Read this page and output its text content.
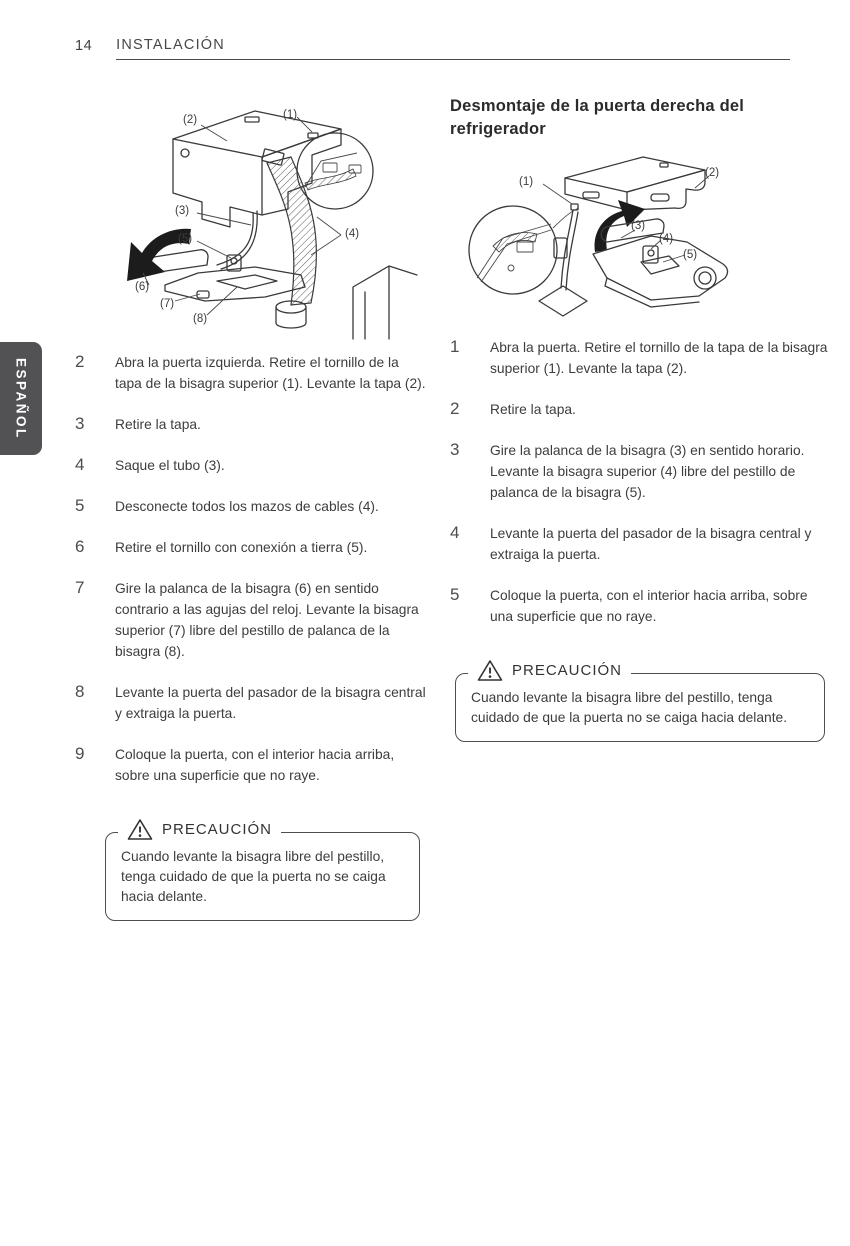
14	INSTALACIÓN
ESPAÑOL
(1)
(2)
(3)
(4)
(5)
(6)
(7)
(8)
2	Abra la puerta izquierda. Retire el tornillo de la tapa de la bisagra superior (1). Levante la tapa (2).

3	Retire la tapa.

4	Saque el tubo (3).

5	Desconecte todos los mazos de cables (4).

6	Retire el tornillo con conexión a tierra (5).

7	Gire la palanca de la bisagra (6) en sentido contrario a las agujas del reloj. Levante la bisagra superior (7) libre del pestillo de palanca de la bisagra (8).

8	Levante la puerta del pasador de la bisagra central y extraiga la puerta.

9	Coloque la puerta, con el interior hacia arriba, sobre una superficie que no raye.

PRECAUCIÓN

Cuando levante la bisagra libre del pestillo, tenga cuidado de que la puerta no se caiga hacia delante.

Desmontaje de la puerta derecha del refrigerador
(1)
(2)
(3)
(4)
(5)
1	Abra la puerta. Retire el tornillo de la tapa de la bisagra superior (1). Levante la tapa (2).

2	Retire la tapa.

3	Gire la palanca de la bisagra (3) en sentido horario. Levante la bisagra superior (4) libre del pestillo de palanca de la bisagra (5).

4	Levante la puerta del pasador de la bisagra central y extraiga la puerta.

5	Coloque la puerta, con el interior hacia arriba, sobre una superficie que no raye.

PRECAUCIÓN

Cuando levante la bisagra libre del pestillo, tenga cuidado de que la puerta no se caiga hacia delante.
